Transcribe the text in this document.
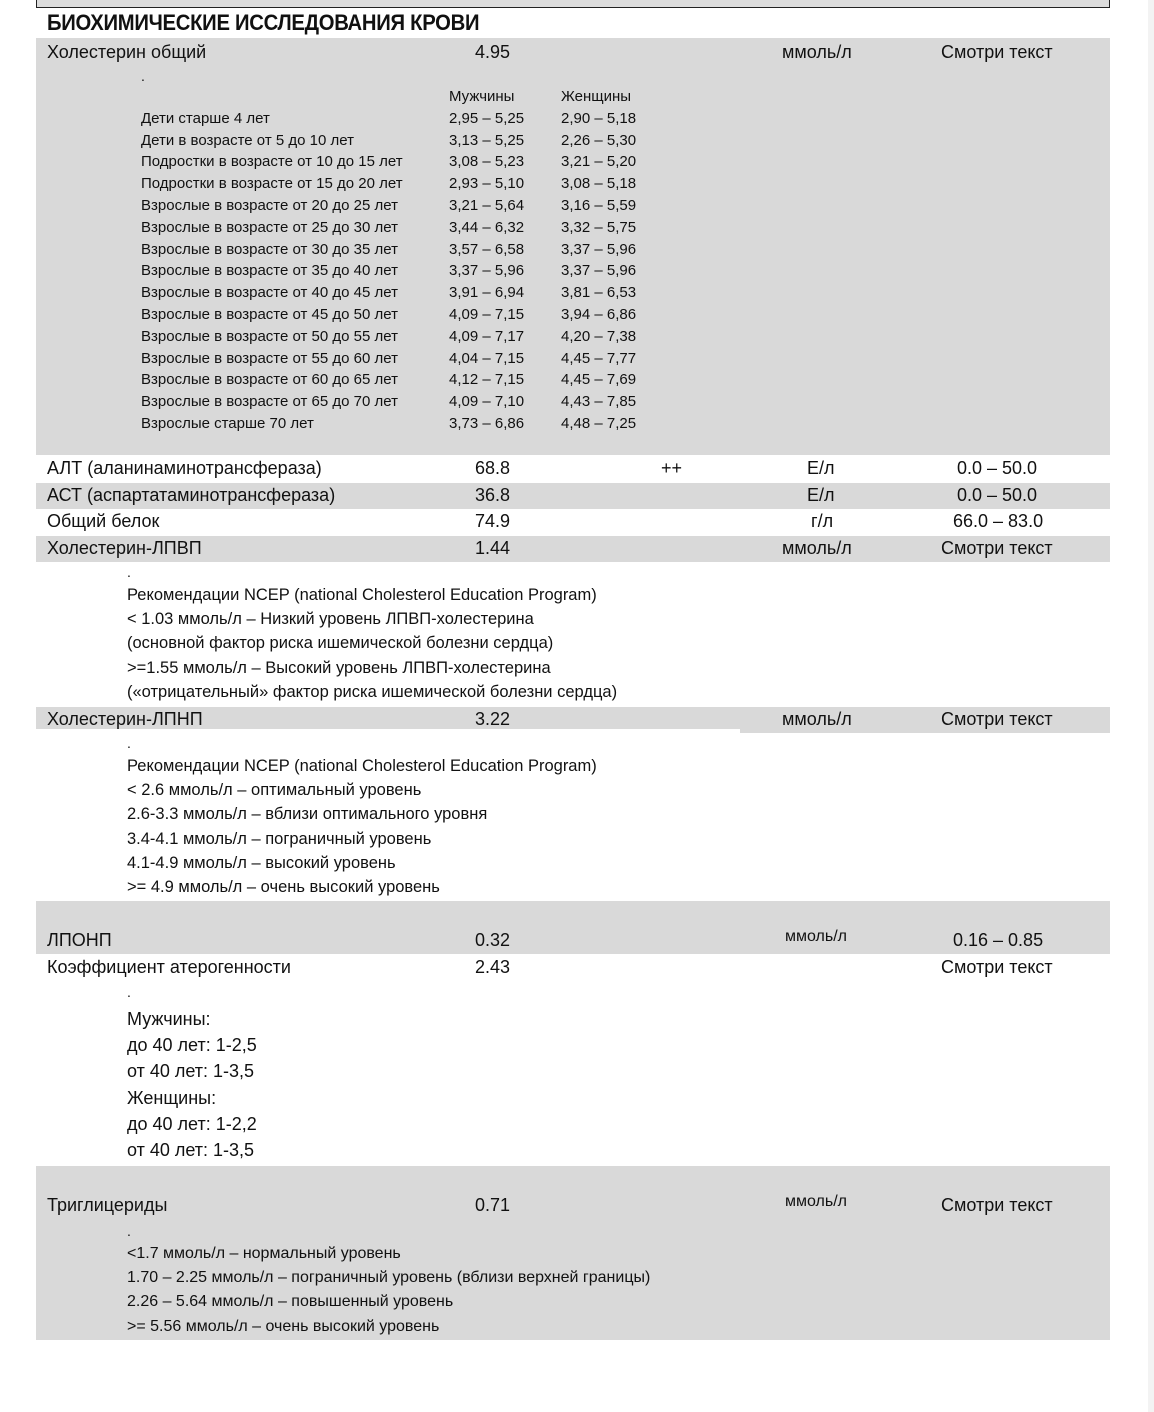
БИОХИМИЧЕСКИЕ ИССЛЕДОВАНИЯ КРОВИ
Холестерин общий	4.95	ммоль/л	Смотри текст
.
Мужчины	Женщины
Дети старше 4 лет	2,95 – 5,25	2,90 – 5,18
Дети в возрасте от 5 до 10 лет	3,13 – 5,25	2,26 – 5,30
Подростки в возрасте от 10 до 15 лет	3,08 – 5,23	3,21 – 5,20
Подростки в возрасте от 15 до 20 лет	2,93 – 5,10	3,08 – 5,18
Взрослые в возрасте от 20 до 25 лет	3,21 – 5,64	3,16 – 5,59
Взрослые в возрасте от 25 до 30 лет	3,44 – 6,32	3,32 – 5,75
Взрослые в возрасте от 30 до 35 лет	3,57 – 6,58	3,37 – 5,96
Взрослые в возрасте от 35 до 40 лет	3,37 – 5,96	3,37 – 5,96
Взрослые в возрасте от 40 до 45 лет	3,91 – 6,94	3,81 – 6,53
Взрослые в возрасте от 45 до 50 лет	4,09 – 7,15	3,94 – 6,86
Взрослые в возрасте от 50 до 55 лет	4,09 – 7,17	4,20 – 7,38
Взрослые в возрасте от 55 до 60 лет	4,04 – 7,15	4,45 – 7,77
Взрослые в возрасте от 60 до 65 лет	4,12 – 7,15	4,45 – 7,69
Взрослые в возрасте от 65 до 70 лет	4,09 – 7,10	4,43 – 7,85
Взрослые старше 70 лет	3,73 – 6,86	4,48 – 7,25
АЛТ (аланинаминотрансфераза)	68.8	++	Е/л	0.0 – 50.0
АСТ (аспартатаминотрансфераза)	36.8	Е/л	0.0 – 50.0
Общий белок	74.9	г/л	66.0 – 83.0
Холестерин-ЛПВП	1.44	ммоль/л	Смотри текст
.
Рекомендации NCEP (national Cholesterol Education Program)
< 1.03 ммоль/л – Низкий уровень ЛПВП-холестерина
(основной фактор риска ишемической болезни сердца)
>=1.55 ммоль/л – Высокий уровень ЛПВП-холестерина
(«отрицательный» фактор риска ишемической болезни сердца)
Холестерин-ЛПНП	3.22	ммоль/л	Смотри текст
.
Рекомендации NCEP (national Cholesterol Education Program)
< 2.6 ммоль/л – оптимальный уровень
2.6-3.3 ммоль/л – вблизи оптимального уровня
3.4-4.1 ммоль/л – пограничный уровень
4.1-4.9 ммоль/л – высокий уровень
>= 4.9 ммоль/л – очень высокий уровень
ЛПОНП	0.32	ммоль/л	0.16 – 0.85
Коэффициент атерогенности	2.43	Смотри текст
.
Мужчины:
до 40 лет: 1-2,5
от 40 лет: 1-3,5
Женщины:
до 40 лет: 1-2,2
от 40 лет: 1-3,5
Триглицериды	0.71	ммоль/л	Смотри текст
.
<1.7 ммоль/л – нормальный уровень
1.70 – 2.25 ммоль/л – пограничный уровень (вблизи верхней границы)
2.26 – 5.64 ммоль/л – повышенный уровень
>= 5.56 ммоль/л – очень высокий уровень
